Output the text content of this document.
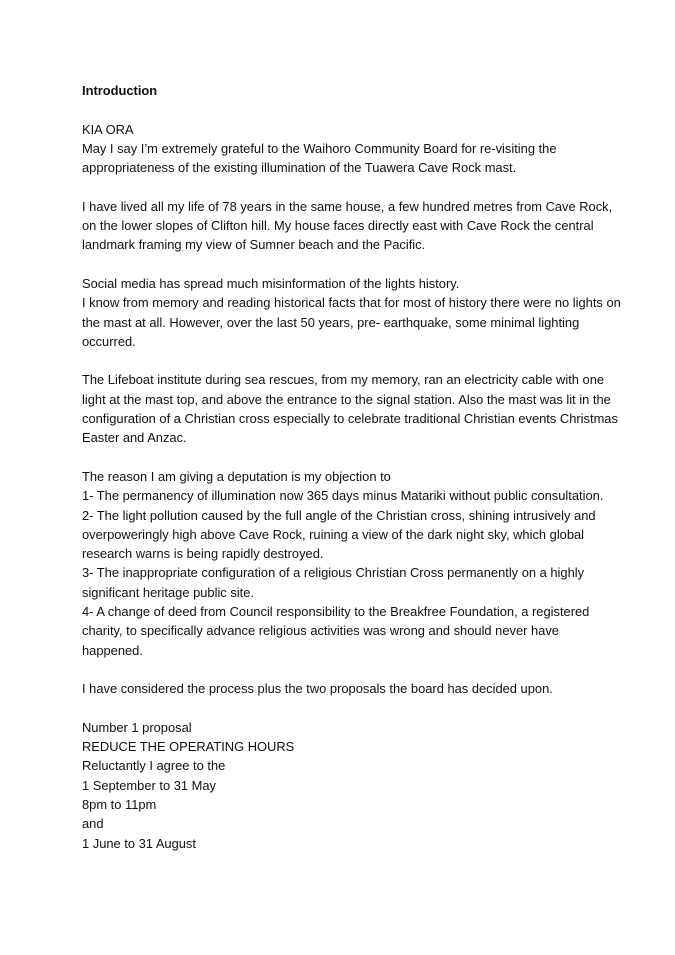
Introduction

KIA ORA
May I say I’m extremely grateful to the Waihoro Community Board for re-visiting the appropriateness of the existing illumination of the Tuawera Cave Rock mast.

I have lived all my life of 78 years in the same house, a few hundred metres from Cave Rock, on the lower slopes of Clifton hill. My house faces directly east with Cave Rock the central landmark framing my view of Sumner beach and the Pacific.

Social media has spread much misinformation of the lights history.
I know from memory and reading historical facts that for most of history there were no lights on the mast at all. However, over the last 50 years, pre- earthquake, some minimal lighting occurred.

The Lifeboat institute during sea rescues, from my memory, ran an electricity cable with one light at the mast top, and above the entrance to the signal station. Also the mast was lit in the configuration of a Christian cross especially to celebrate traditional Christian events Christmas Easter and Anzac.

The reason I am giving a deputation is my objection to
1- The permanency of illumination now 365 days minus Matariki without public consultation.
2- The light pollution caused by the full angle of the Christian cross, shining intrusively and overpoweringly high above Cave Rock, ruining a view of the dark night sky, which global research warns is being rapidly destroyed.
3- The inappropriate configuration of a religious Christian Cross permanently on a highly significant heritage public site.
4- A change of deed from Council responsibility to the Breakfree Foundation, a registered charity, to specifically advance religious activities was wrong and should never have happened.

I have considered the process plus the two proposals the board has decided upon.

Number 1 proposal
REDUCE THE OPERATING HOURS
Reluctantly I agree to the
1 September to 31 May
8pm to 11pm
and
1 June to 31 August
